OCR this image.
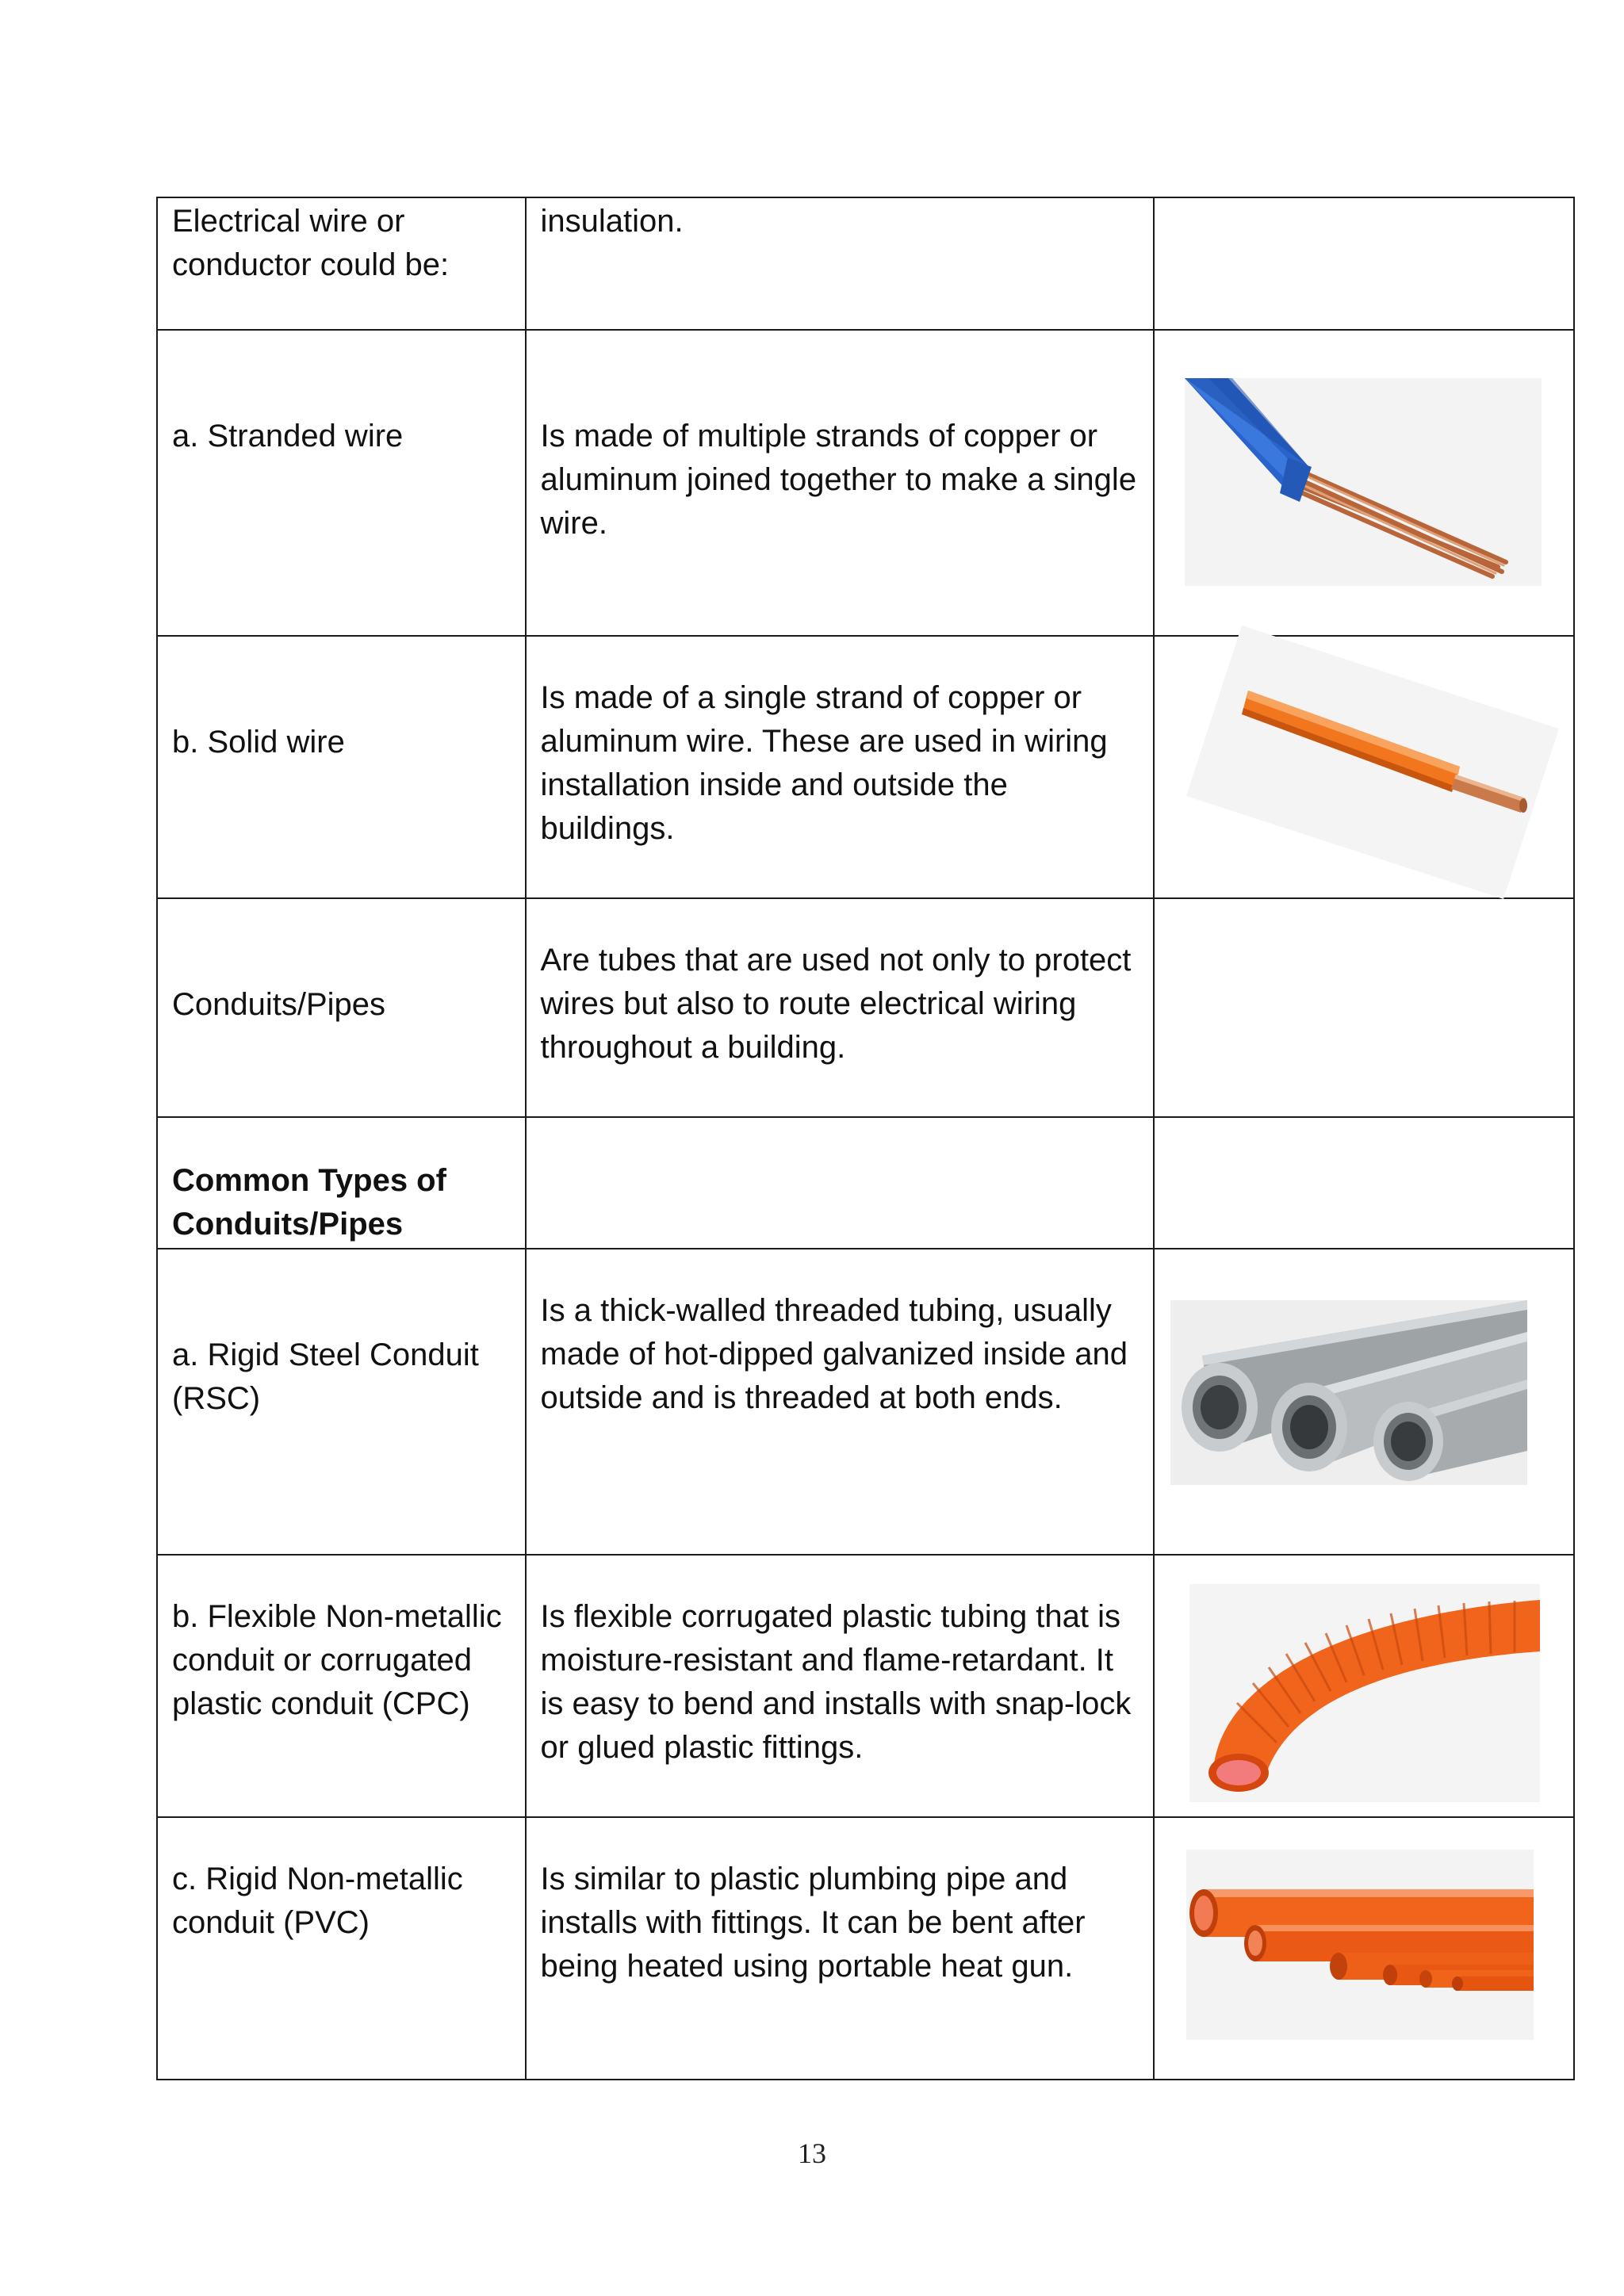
Electrical wire or conductor could be:	insulation.	

a. Stranded wire	Is made of multiple strands of copper or aluminum joined together to make a single wire.

b. Solid wire	Is made of a single strand of copper or aluminum wire. These are used in wiring installation inside and outside the buildings.

Conduits/Pipes	Are tubes that are used not only to protect wires but also to route electrical wiring throughout a building.	

Common Types of Conduits/Pipes		

a. Rigid Steel Conduit (RSC)	Is a thick-walled threaded tubing, usually made of hot-dipped galvanized inside and outside and is threaded at both ends.

b. Flexible Non-metallic conduit or corrugated plastic conduit (CPC)	Is flexible corrugated plastic tubing that is moisture-resistant and flame-retardant. It is easy to bend and installs with snap-lock or glued plastic fittings.

c. Rigid Non-metallic conduit (PVC)	Is similar to plastic plumbing pipe and installs with fittings. It can be bent after being heated using portable heat gun.

13
